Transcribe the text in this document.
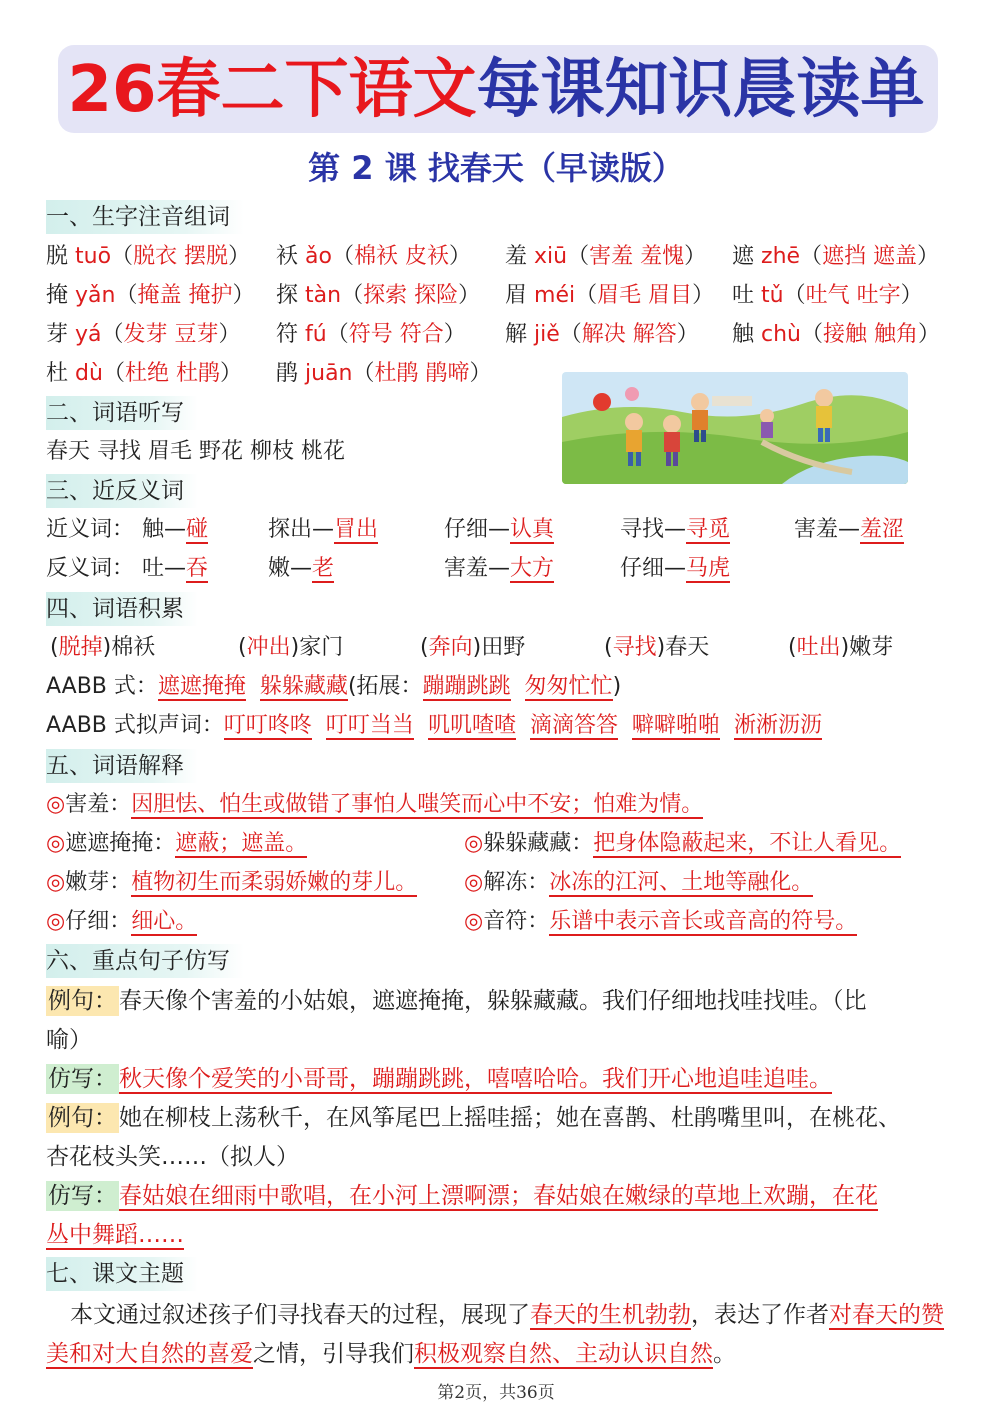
26春二下语文每课知识晨读单
第 2 课 找春天（早读版）
一、生字注音组词
脱 tuō（脱衣 摆脱） 袄 ǎo（棉袄 皮袄） 羞 xiū（害羞 羞愧） 遮 zhē（遮挡 遮盖）
掩 yǎn（掩盖 掩护） 探 tàn（探索 探险） 眉 méi（眉毛 眉目） 吐 tǔ（吐气 吐字）
芽 yá（发芽 豆芽） 符 fú（符号 符合） 解 jiě（解决 解答） 触 chù（接触 触角）
杜 dù（杜绝 杜鹃） 鹃 juān（杜鹃 鹃啼）
二、词语听写
春天 寻找 眉毛 野花 柳枝 桃花
三、近反义词
近义词： 触—碰	探出—冒出	仔细—认真	寻找—寻觅	害羞—羞涩
反义词： 吐—吞	嫩—老	害羞—大方	仔细—马虎
四、词语积累
(脱掉)棉袄	(冲出)家门	(奔向)田野	(寻找)春天	(吐出)嫩芽
AABB 式：遮遮掩掩 躲躲藏藏(拓展：蹦蹦跳跳 匆匆忙忙)
AABB 式拟声词：叮叮咚咚 叮叮当当 叽叽喳喳 滴滴答答 噼噼啪啪 淅淅沥沥
五、词语解释
◎害羞：因胆怯、怕生或做错了事怕人嗤笑而心中不安；怕难为情。
◎遮遮掩掩：遮蔽；遮盖。	◎躲躲藏藏：把身体隐蔽起来，不让人看见。
◎嫩芽：植物初生而柔弱娇嫩的芽儿。 ◎解冻：冰冻的江河、土地等融化。
◎仔细：细心。	◎音符：乐谱中表示音长或音高的符号。
六、重点句子仿写
例句：春天像个害羞的小姑娘，遮遮掩掩，躲躲藏藏。我们仔细地找哇找哇。（比
喻）
仿写：秋天像个爱笑的小哥哥，蹦蹦跳跳，嘻嘻哈哈。我们开心地追哇追哇。
例句：她在柳枝上荡秋千，在风筝尾巴上摇哇摇；她在喜鹊、杜鹃嘴里叫，在桃花、
杏花枝头笑……（拟人）
仿写：春姑娘在细雨中歌唱，在小河上漂啊漂；春姑娘在嫩绿的草地上欢蹦，在花
丛中舞蹈……
七、课文主题
本文通过叙述孩子们寻找春天的过程，展现了春天的生机勃勃，表达了作者对春天的赞美和对大自然的喜爱之情，引导我们积极观察自然、主动认识自然。
第2页，共36页
